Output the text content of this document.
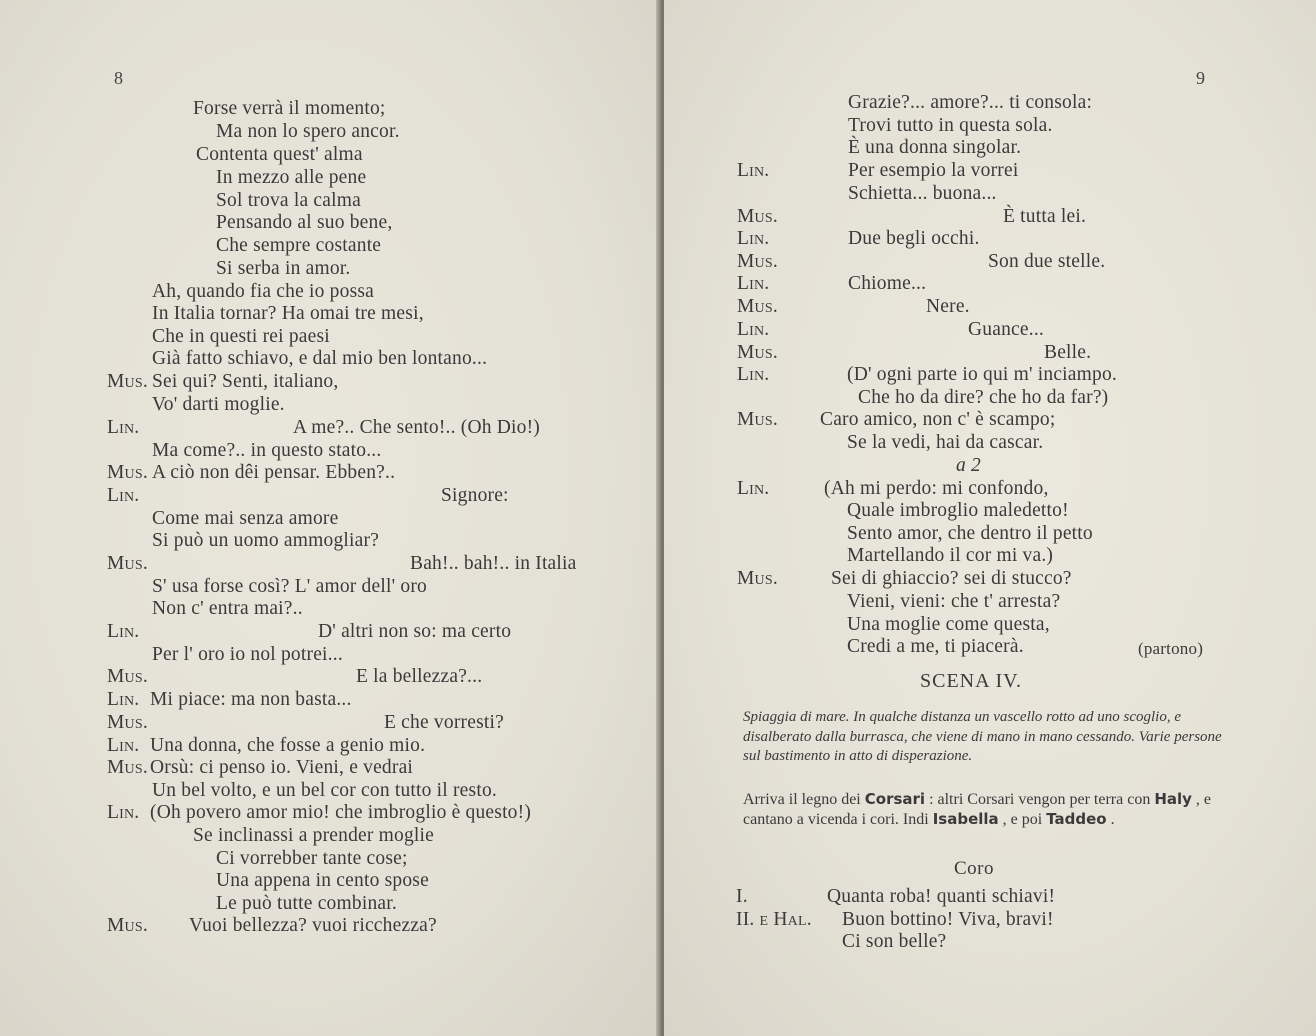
8
Forse verrà il momento;
Ma non lo spero ancor.
Contenta quest' alma
In mezzo alle pene
Sol trova la calma
Pensando al suo bene,
Che sempre costante
Si serba in amor.
Ah, quando fia che io possa
In Italia tornar? Ha omai tre mesi,
Che in questi rei paesi
Già fatto schiavo, e dal mio ben lontano...
Mus. Sei qui? Senti, italiano,
Vo' darti moglie.
Lin.	A me?.. Che sento!.. (Oh Dio!)
Ma come?.. in questo stato...
Mus. A ciò non dêi pensar. Ebben?..
Lin.	Signore:
Come mai senza amore
Si può un uomo ammogliar?
Mus.	Bah!.. bah!.. in Italia
S' usa forse così? L' amor dell' oro
Non c' entra mai?..
Lin.	D' altri non so: ma certo
Per l' oro io nol potrei...
Mus.	E la bellezza?...
Lin. Mi piace: ma non basta...
Mus.	E che vorresti?
Lin. Una donna, che fosse a genio mio.
Mus. Orsù: ci penso io. Vieni, e vedrai
Un bel volto, e un bel cor con tutto il resto.
Lin. (Oh povero amor mio! che imbroglio è questo!)
Se inclinassi a prender moglie
Ci vorrebber tante cose;
Una appena in cento spose
Le può tutte combinar.
Mus. Vuoi bellezza? vuoi ricchezza?
9
Grazie?... amore?... ti consola:
Trovi tutto in questa sola.
È una donna singolar.
Lin.	Per esempio la vorrei
Schietta... buona...
Mus.	È tutta lei.
Lin.	Due begli occhi.
Mus.	Son due stelle.
Lin.	Chiome...
Mus.	Nere.
Lin.	Guance...
Mus.	Belle.
Lin.	(D' ogni parte io qui m' inciampo.
Che ho da dire? che ho da far?)
Mus. Caro amico, non c' è scampo;
Se la vedi, hai da cascar.
a 2
Lin.	(Ah mi perdo: mi confondo,
Quale imbroglio maledetto!
Sento amor, che dentro il petto
Martellando il cor mi va.)
Mus.	Sei di ghiaccio? sei di stucco?
Vieni, vieni: che t' arresta?
Una moglie come questa,
Credi a me, ti piacerà.	(partono)
SCENA IV.
Spiaggia di mare. In qualche distanza un vascello rotto ad uno scoglio, e disalberato dalla burrasca, che viene di mano in mano cessando. Varie persone sul bastimento in atto di disperazione.
Arriva il legno dei Corsari : altri Corsari vengon per terra con Haly , e cantano a vicenda i cori. Indi Isabella , e poi Taddeo .
Coro
I.	Quanta roba! quanti schiavi!
II. e Hal. Buon bottino! Viva, bravi!
Ci son belle?
